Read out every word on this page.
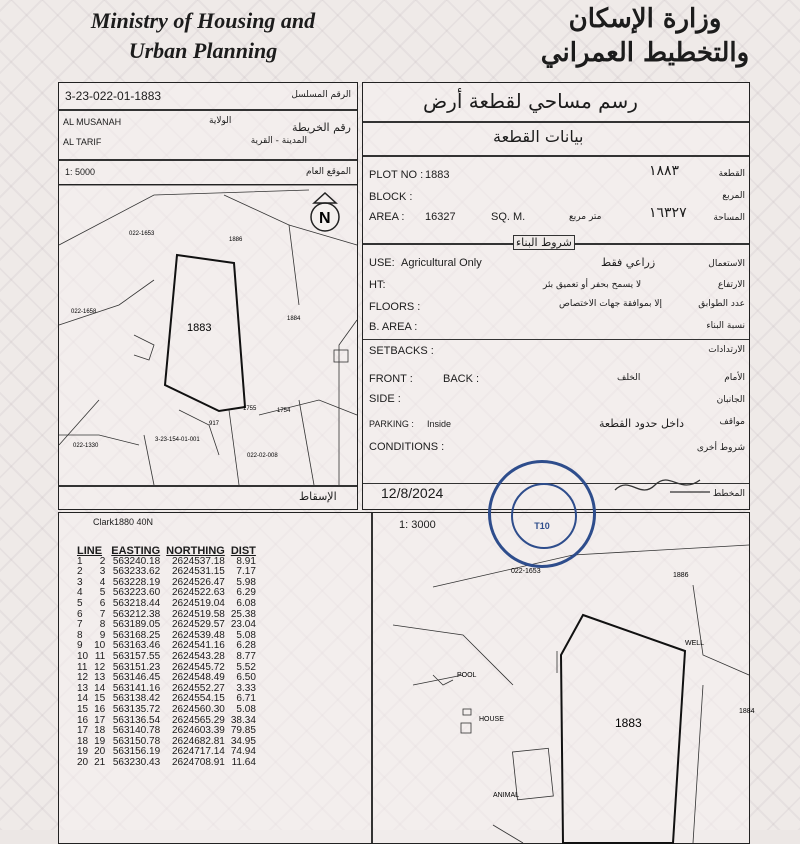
Ministry of Housing and Urban Planning
وزارة الإسكان والتخطيط العمراني
3-23-022-01-1883	الرقم المسلسل
AL MUSANAH	الولاية	رقم الخريطة
AL TARIF	المدينة - القرية
1: 5000	الموقع العام
1883
1886
022-1653
1884
022-1658
1755	1754
917
3-23-154-01-001
022-02-008
022-1330
N
الإسقاط
رسم مساحي لقطعة أرض
بيانات القطعة
PLOT NO : 1883	١٨٨٣	القطعة
BLOCK :	المربع
AREA : 16327	SQ. M.	متر مربع	١٦٣٢٧	المساحة
شروط البناء
USE: Agricultural Only	زراعي فقط	الاستعمال
HT:	لا يسمح بحفر أو تعميق بئر	الارتفاع
FLOORS :	إلا بموافقة جهات الاختصاص	عدد الطوابق
B. AREA :	نسبة البناء
SETBACKS :	الارتدادات
FRONT :	BACK :	الخلف	الأمام
SIDE :	الجانبان
PARKING : Inside	داخل حدود القطعة	مواقف
CONDITIONS :	شروط أخرى
12/8/2024	المخطط
Clark1880 40N	1: 3000
1883
022-1653
1886
1884
WELL
POOL
HOUSE
ANIMAL
LINE		EASTING	NORTHING	DIST
1	2	563240.18	2624537.18	8.91
2	3	563233.62	2624531.15	7.17
3	4	563228.19	2624526.47	5.98
4	5	563223.60	2624522.63	6.29
5	6	563218.44	2624519.04	6.08
6	7	563212.38	2624519.58	25.38
7	8	563189.05	2624529.57	23.04
8	9	563168.25	2624539.48	5.08
9	10	563163.46	2624541.16	6.28
10	11	563157.55	2624543.28	8.77
11	12	563151.23	2624545.72	5.52
12	13	563146.45	2624548.49	6.50
13	14	563141.16	2624552.27	3.33
14	15	563138.42	2624554.15	6.71
15	16	563135.72	2624560.30	5.08
16	17	563136.54	2624565.29	38.34
17	18	563140.78	2624603.39	79.85
18	19	563150.78	2624682.81	34.95
19	20	563156.19	2624717.14	74.94
20	21	563230.43	2624708.91	11.64
T10
